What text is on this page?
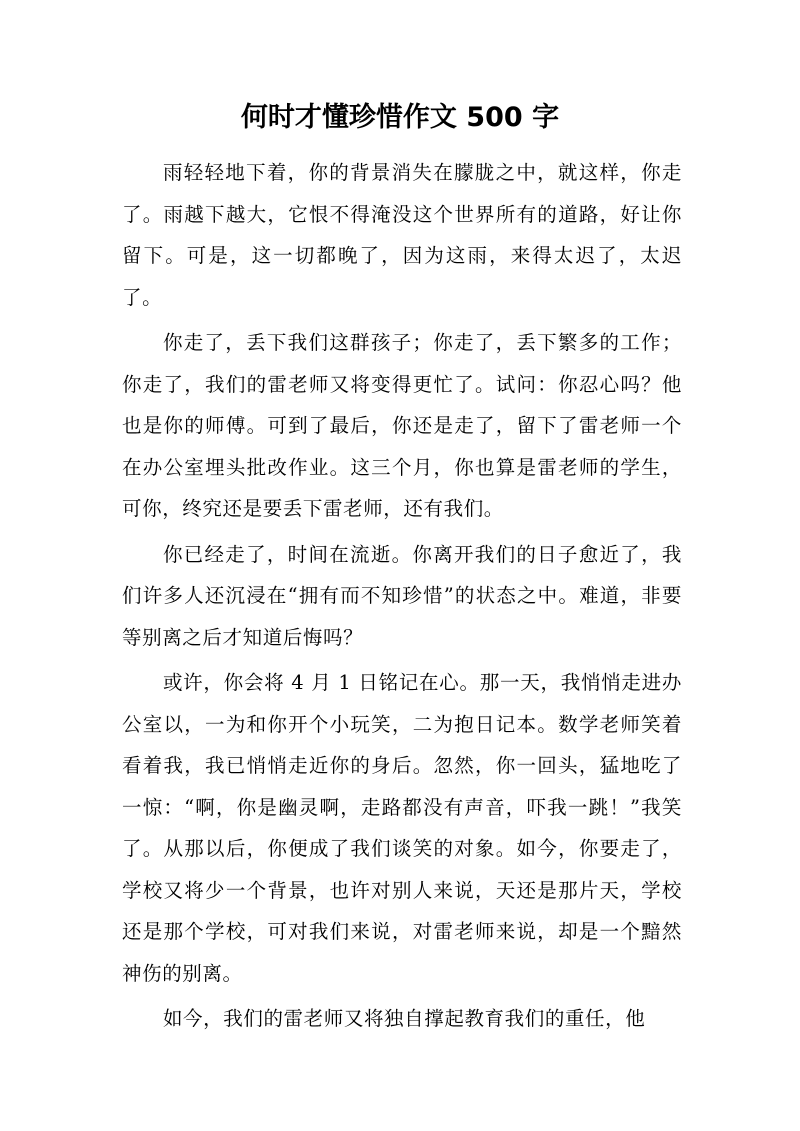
何时才懂珍惜作文 500 字

雨轻轻地下着，你的背景消失在朦胧之中，就这样，你走了。雨越下越大，它恨不得淹没这个世界所有的道路，好让你留下。可是，这一切都晚了，因为这雨，来得太迟了，太迟了。

你走了，丢下我们这群孩子；你走了，丢下繁多的工作；你走了，我们的雷老师又将变得更忙了。试问：你忍心吗？他也是你的师傅。可到了最后，你还是走了，留下了雷老师一个在办公室埋头批改作业。这三个月，你也算是雷老师的学生，可你，终究还是要丢下雷老师，还有我们。

你已经走了，时间在流逝。你离开我们的日子愈近了，我们许多人还沉浸在“拥有而不知珍惜”的状态之中。难道，非要等别离之后才知道后悔吗？

或许，你会将 4 月 1 日铭记在心。那一天，我悄悄走进办公室以，一为和你开个小玩笑，二为抱日记本。数学老师笑着看着我，我已悄悄走近你的身后。忽然，你一回头，猛地吃了一惊：“啊，你是幽灵啊，走路都没有声音，吓我一跳！”我笑了。从那以后，你便成了我们谈笑的对象。如今，你要走了，学校又将少一个背景，也许对别人来说，天还是那片天，学校还是那个学校，可对我们来说，对雷老师来说，却是一个黯然神伤的别离。

如今，我们的雷老师又将独自撑起教育我们的重任，他
